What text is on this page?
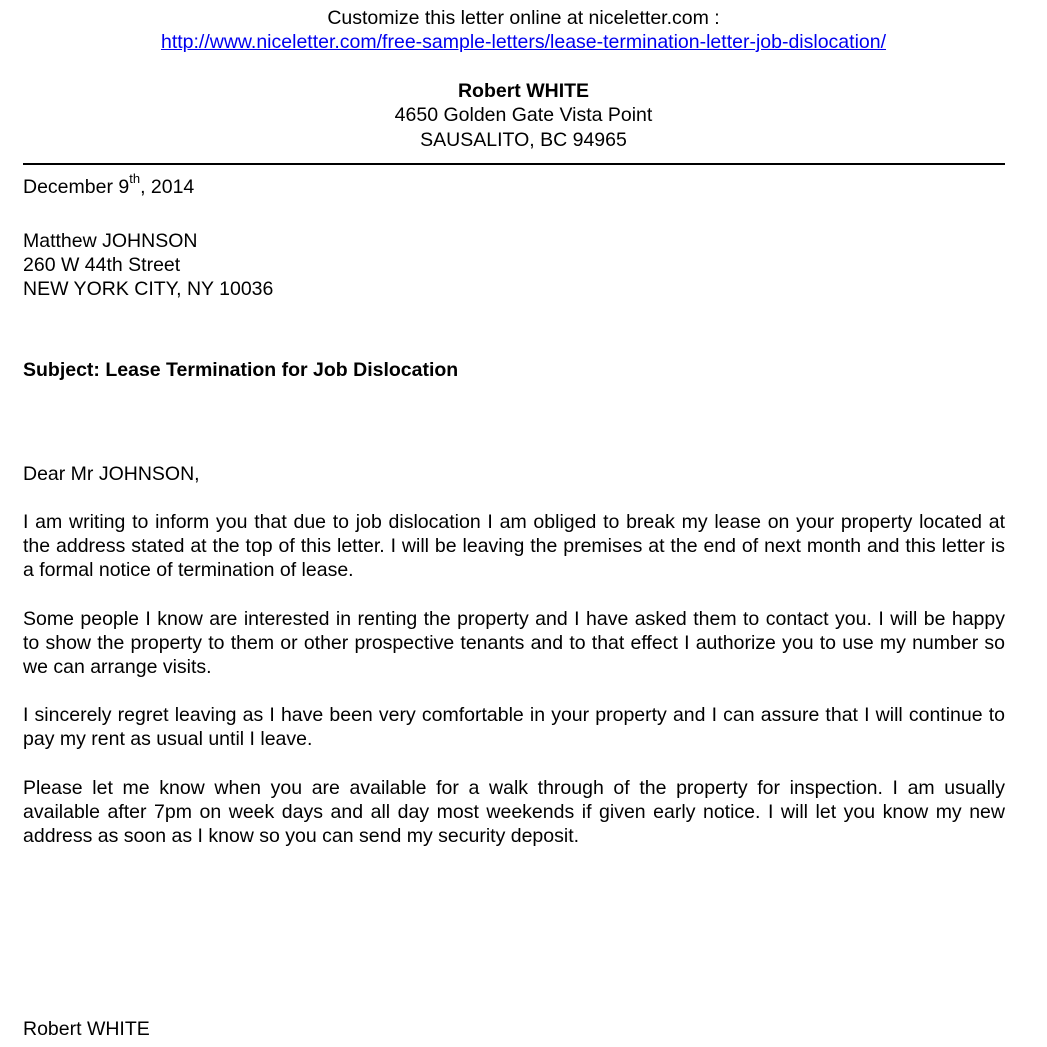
Customize this letter online at niceletter.com :
http://www.niceletter.com/free-sample-letters/lease-termination-letter-job-dislocation/
Robert WHITE
4650 Golden Gate Vista Point
SAUSALITO, BC 94965
December 9th, 2014
Matthew JOHNSON
260 W 44th Street
NEW YORK CITY, NY 10036
Subject: Lease Termination for Job Dislocation
Dear Mr JOHNSON,
I am writing to inform you that due to job dislocation I am obliged to break my lease on your property located at the address stated at the top of this letter. I will be leaving the premises at the end of next month and this letter is a formal notice of termination of lease.
Some people I know are interested in renting the property and I have asked them to contact you. I will be happy to show the property to them or other prospective tenants and to that effect I authorize you to use my number so we can arrange visits.
I sincerely regret leaving as I have been very comfortable in your property and I can assure that I will continue to pay my rent as usual until I leave.
Please let me know when you are available for a walk through of the property for inspection. I am usually available after 7pm on week days and all day most weekends if given early notice. I will let you know my new address as soon as I know so you can send my security deposit.
Robert WHITE
